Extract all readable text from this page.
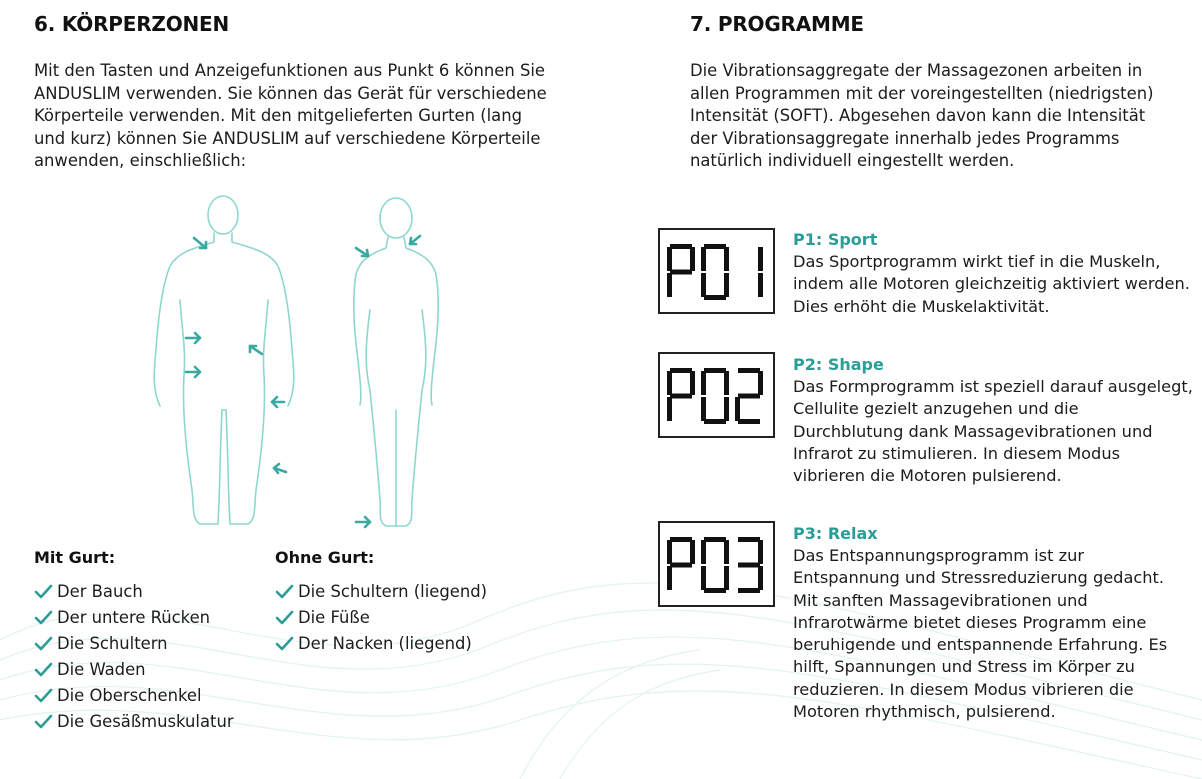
6. KÖRPERZONEN

Mit den Tasten und Anzeigefunktionen aus Punkt 6 können Sie ANDUSLIM verwenden. Sie können das Gerät für verschiedene Körperteile verwenden. Mit den mitgelieferten Gurten (lang und kurz) können Sie ANDUSLIM auf verschiedene Körperteile anwenden, einschließlich:

Mit Gurt:
Der Bauch
Der untere Rücken
Die Schultern
Die Waden
Die Oberschenkel
Die Gesäßmuskulatur
Ohne Gurt:
Die Schultern (liegend)
Die Füße
Der Nacken (liegend)
7. PROGRAMME

Die Vibrationsaggregate der Massagezonen arbeiten in allen Programmen mit der voreingestellten (niedrigsten) Intensität (SOFT). Abgesehen davon kann die Intensität der Vibrationsaggregate innerhalb jedes Programms natürlich individuell eingestellt werden.

P1: Sport

Das Sportprogramm wirkt tief in die Muskeln, indem alle Motoren gleichzeitig aktiviert werden. Dies erhöht die Muskelaktivität.

P2: Shape

Das Formprogramm ist speziell darauf ausgelegt, Cellulite gezielt anzugehen und die Durchblutung dank Massagevibrationen und Infrarot zu stimulieren. In diesem Modus vibrieren die Motoren pulsierend.

P3: Relax

Das Entspannungsprogramm ist zur Entspannung und Stressreduzierung gedacht. Mit sanften Massagevibrationen und Infrarotwärme bietet dieses Programm eine beruhigende und entspannende Erfahrung. Es hilft, Spannungen und Stress im Körper zu reduzieren. In diesem Modus vibrieren die Motoren rhythmisch, pulsierend.
